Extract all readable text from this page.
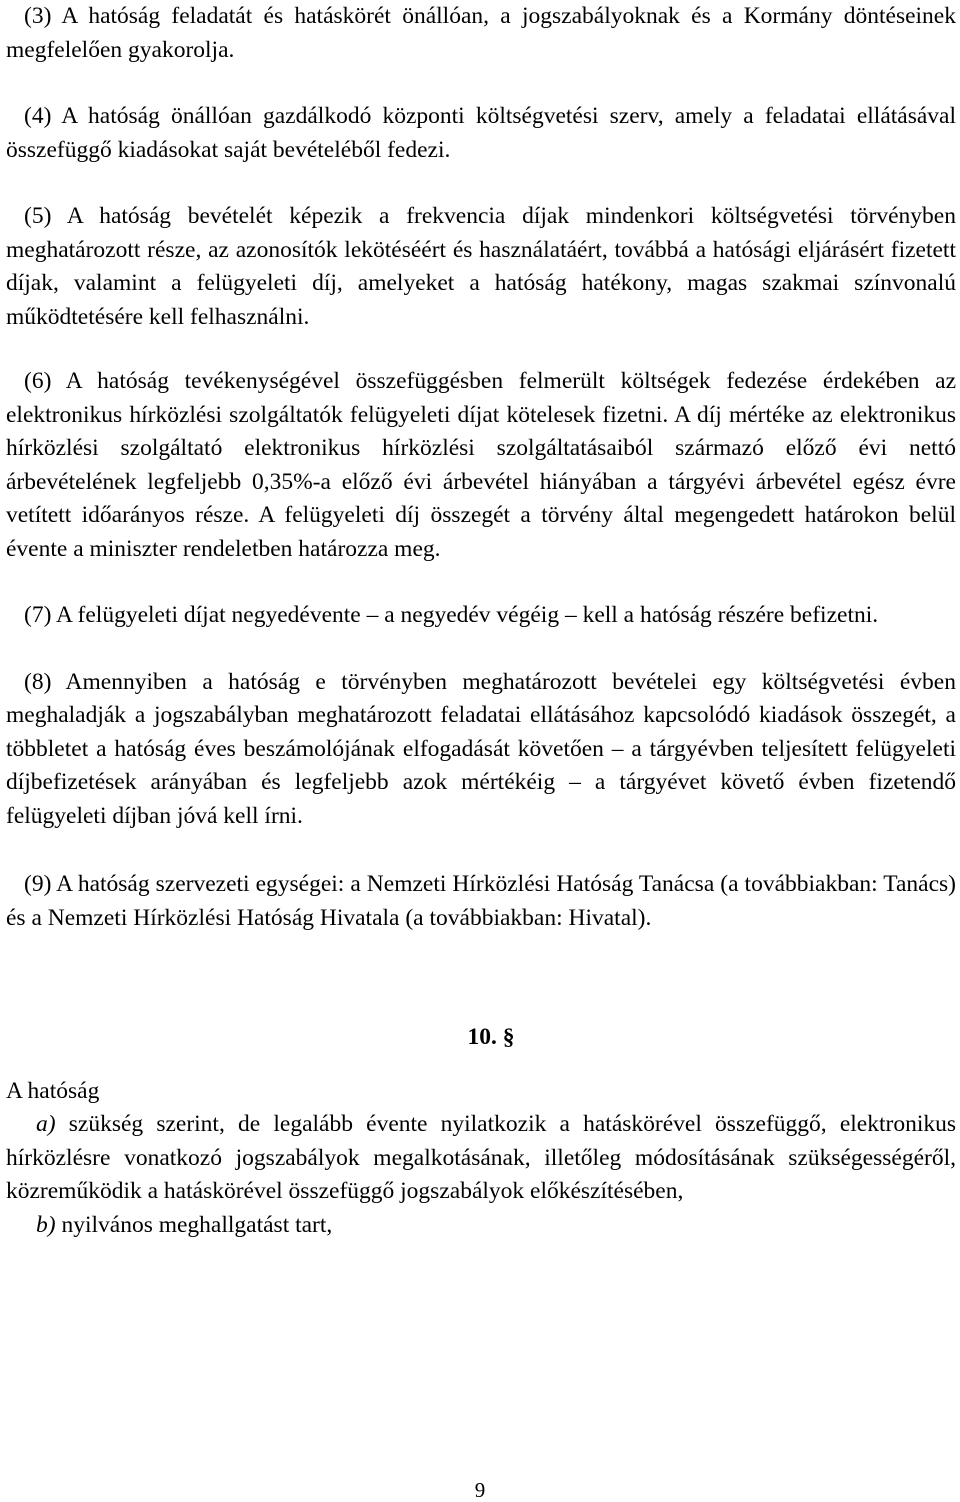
(3) A hatóság feladatát és hatáskörét önállóan, a jogszabályoknak és a Kormány döntéseinek megfelelően gyakorolja.

(4) A hatóság önállóan gazdálkodó központi költségvetési szerv, amely a feladatai ellátásával összefüggő kiadásokat saját bevételéből fedezi.

(5) A hatóság bevételét képezik a frekvencia díjak mindenkori költségvetési törvényben meghatározott része, az azonosítók lekötéséért és használatáért, továbbá a hatósági eljárásért fizetett díjak, valamint a felügyeleti díj, amelyeket a hatóság hatékony, magas szakmai színvonalú működtetésére kell felhasználni.

(6) A hatóság tevékenységével összefüggésben felmerült költségek fedezése érdekében az elektronikus hírközlési szolgáltatók felügyeleti díjat kötelesek fizetni. A díj mértéke az elektronikus hírközlési szolgáltató elektronikus hírközlési szolgáltatásaiból származó előző évi nettó árbevételének legfeljebb 0,35%-a előző évi árbevétel hiányában a tárgyévi árbevétel egész évre vetített időarányos része. A felügyeleti díj összegét a törvény által megengedett határokon belül évente a miniszter rendeletben határozza meg.

(7) A felügyeleti díjat negyedévente – a negyedév végéig – kell a hatóság részére befizetni.

(8) Amennyiben a hatóság e törvényben meghatározott bevételei egy költségvetési évben meghaladják a jogszabályban meghatározott feladatai ellátásához kapcsolódó kiadások összegét, a többletet a hatóság éves beszámolójának elfogadását követően – a tárgyévben teljesített felügyeleti díjbefizetések arányában és legfeljebb azok mértékéig – a tárgyévet követő évben fizetendő felügyeleti díjban jóvá kell írni.

(9) A hatóság szervezeti egységei: a Nemzeti Hírközlési Hatóság Tanácsa (a továbbiakban: Tanács) és a Nemzeti Hírközlési Hatóság Hivatala (a továbbiakban: Hivatal).

10. §

A hatóság

a) szükség szerint, de legalább évente nyilatkozik a hatáskörével összefüggő, elektronikus hírközlésre vonatkozó jogszabályok megalkotásának, illetőleg módosításának szükségességéről, közreműködik a hatáskörével összefüggő jogszabályok előkészítésében,

b) nyilvános meghallgatást tart,

9
